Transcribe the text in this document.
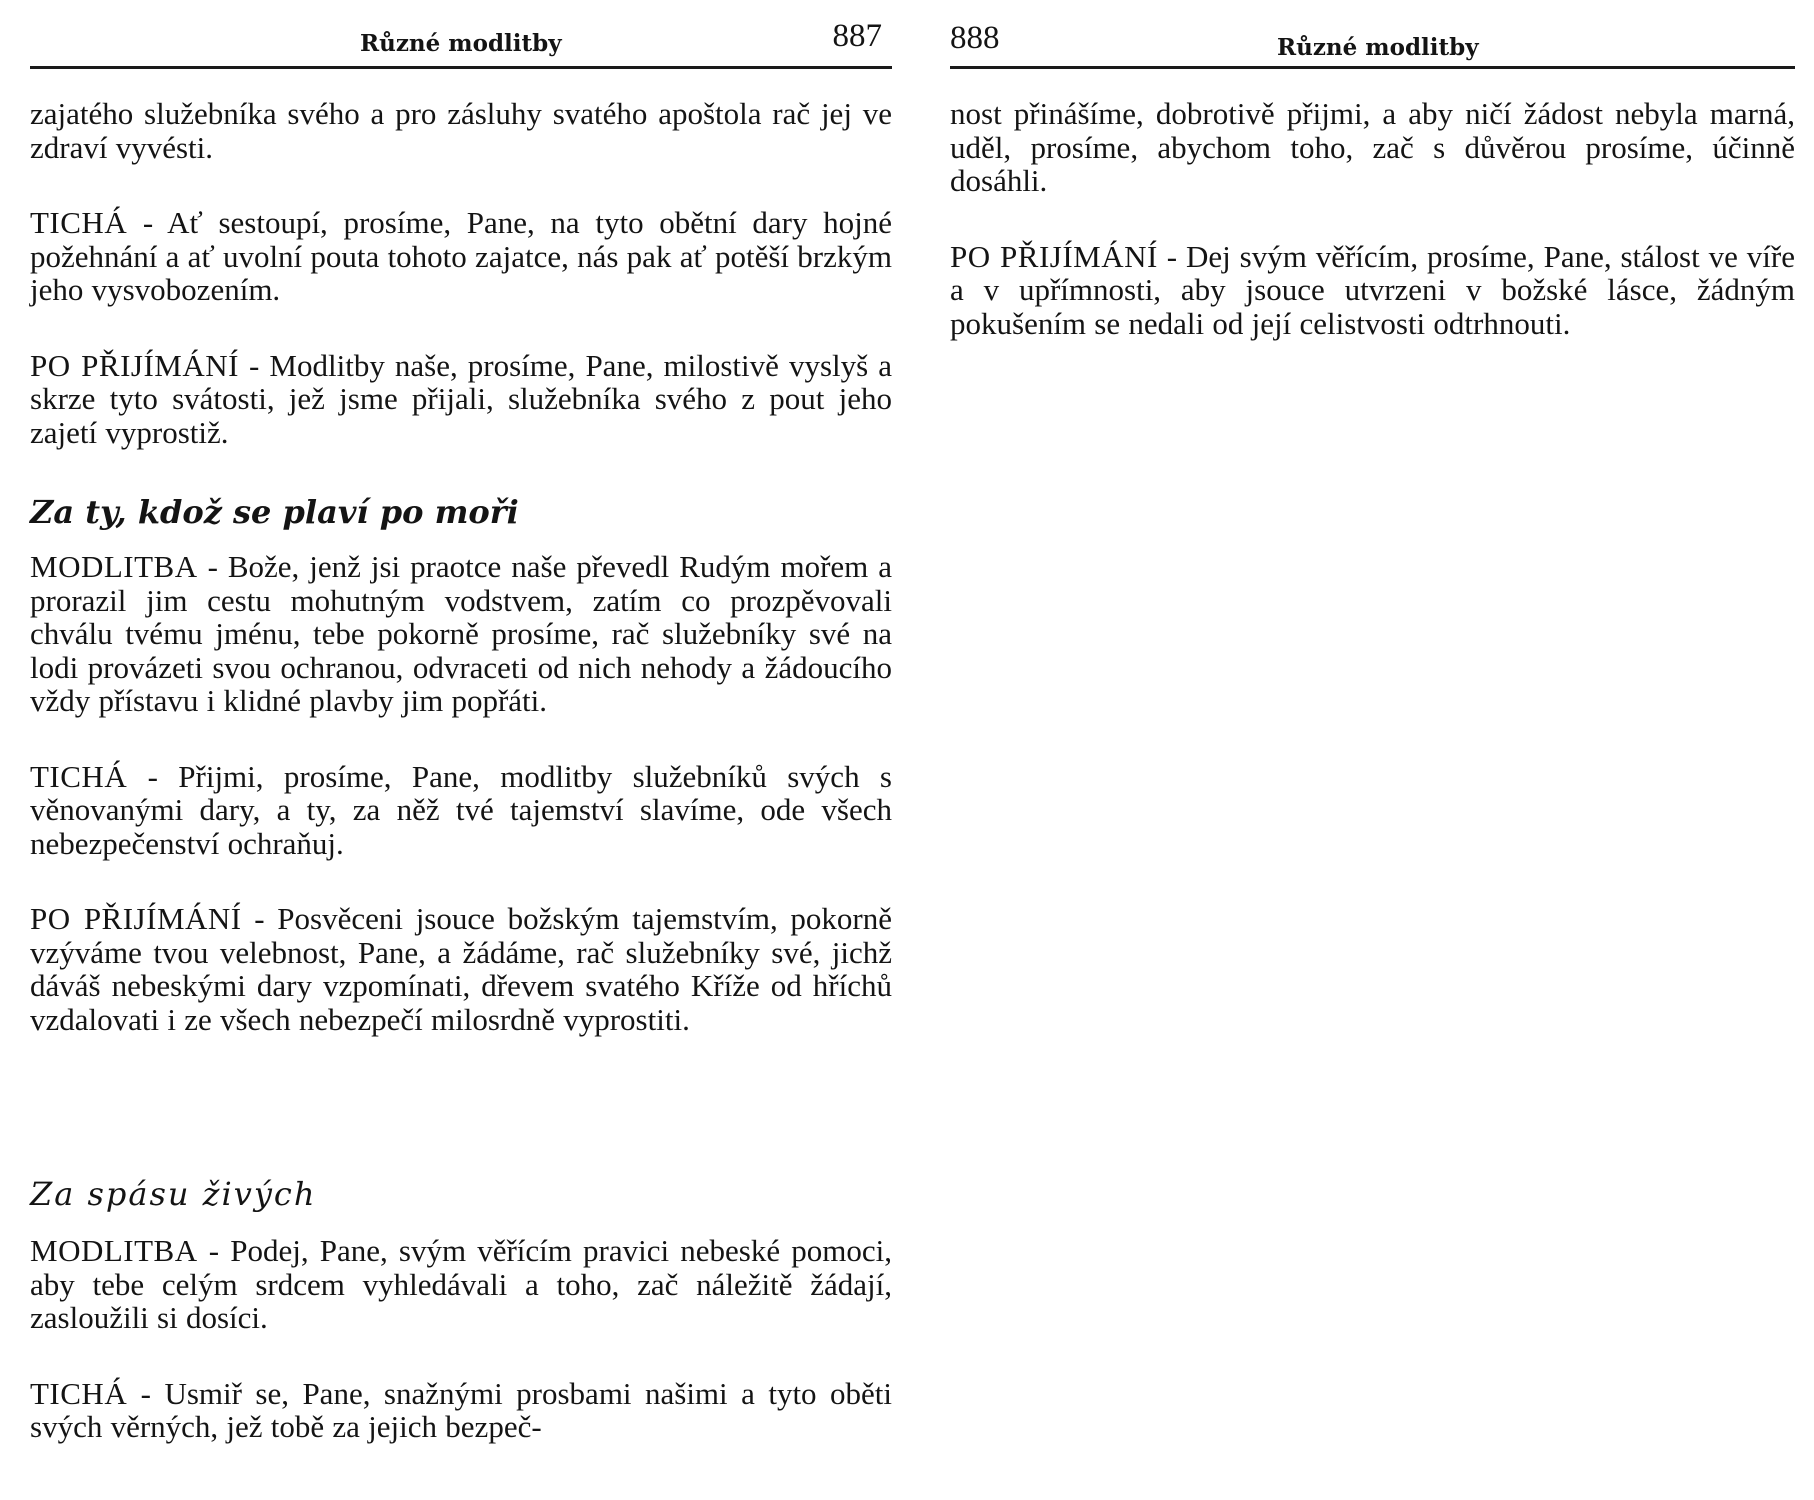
Různé modlitby	887

zajatého služebníka svého a pro zásluhy svatého apoštola rač jej ve zdraví vyvésti.

TICHÁ - Ať sestoupí, prosíme, Pane, na tyto obětní dary hojné požehnání a ať uvolní pouta tohoto zajatce, nás pak ať potěší brzkým jeho vysvobozením.

PO PŘIJÍMÁNÍ - Modlitby naše, prosíme, Pane, milostivě vyslyš a skrze tyto svátosti, jež jsme přijali, služebníka svého z pout jeho zajetí vyprostiž.

Za ty, kdož se plaví po moři

MODLITBA - Bože, jenž jsi praotce naše převedl Rudým mořem a prorazil jim cestu mohutným vodstvem, zatím co prozpěvovali chválu tvému jménu, tebe pokorně prosíme, rač služebníky své na lodi provázeti svou ochranou, odvraceti od nich nehody a žádoucího vždy přístavu i klidné plavby jim popřáti.

TICHÁ - Přijmi, prosíme, Pane, modlitby služebníků svých s věnovanými dary, a ty, za něž tvé tajemství slavíme, ode všech nebezpečenství ochraňuj.

PO PŘIJÍMÁNÍ - Posvěceni jsouce božským tajemstvím, pokorně vzýváme tvou velebnost, Pane, a žádáme, rač služebníky své, jichž dáváš nebeskými dary vzpomínati, dřevem svatého Kříže od hříchů vzdalovati i ze všech nebezpečí milosrdně vyprostiti.

Za spásu živých

MODLITBA - Podej, Pane, svým věřícím pravici nebeské pomoci, aby tebe celým srdcem vyhledávali a toho, zač náležitě žádají, zasloužili si dosíci.

TICHÁ - Usmiř se, Pane, snažnými prosbami našimi a tyto oběti svých věrných, jež tobě za jejich bezpeč-

888	Různé modlitby

nost přinášíme, dobrotivě přijmi, a aby ničí žádost nebyla marná, uděl, prosíme, abychom toho, zač s důvěrou prosíme, účinně dosáhli.

PO PŘIJÍMÁNÍ - Dej svým věřícím, prosíme, Pane, stálost ve víře a v upřímnosti, aby jsouce utvrzeni v božské lásce, žádným pokušením se nedali od její celistvosti odtrhnouti.
